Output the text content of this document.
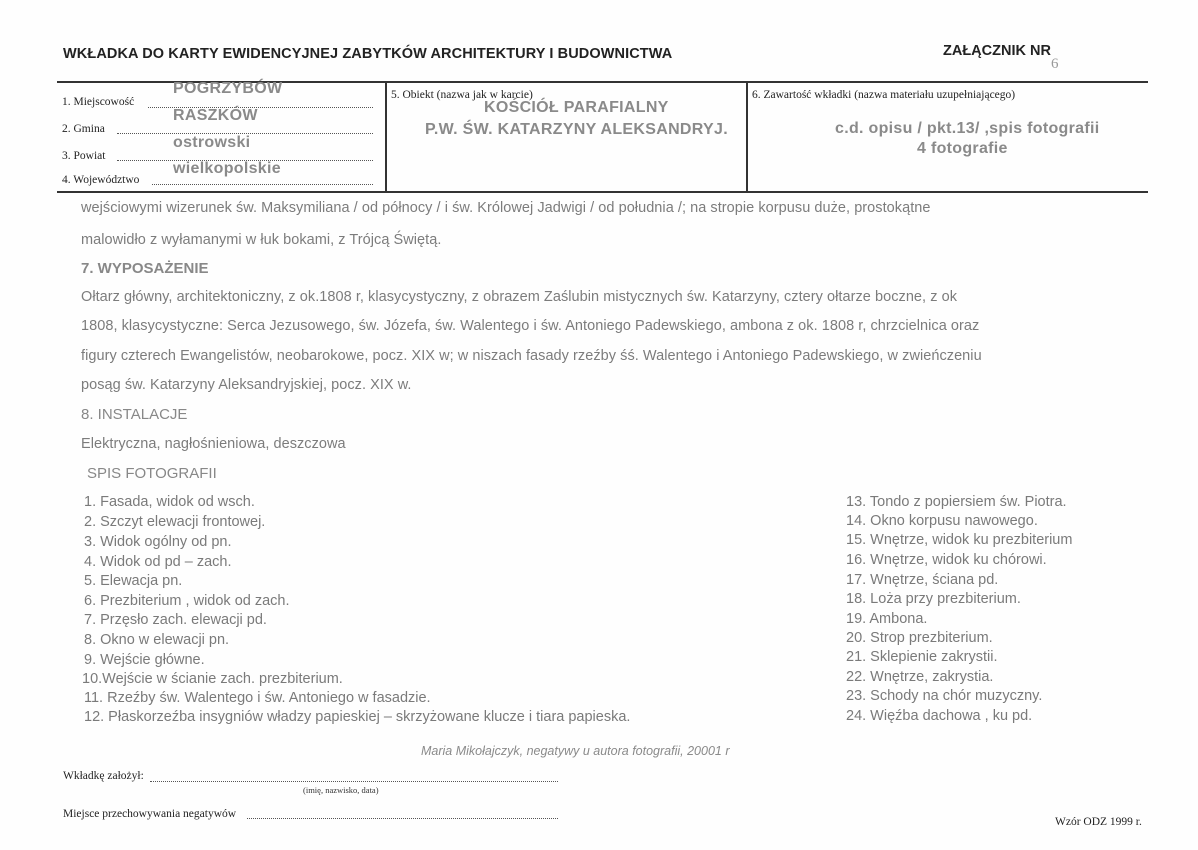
WKŁADKA DO KARTY EWIDENCYJNEJ ZABYTKÓW ARCHITEKTURY I BUDOWNICTWA	ZAŁĄCZNIK NR
6
1. Miejscowość
POGRZYBÓW
2. Gmina
RASZKÓW
3. Powiat
ostrowski
4. Województwo
wielkopolskie
5. Obiekt (nazwa jak w karcie)
KOŚCIÓŁ PARAFIALNY
P.W. ŚW. KATARZYNY ALEKSANDRYJ.
6. Zawartość wkładki (nazwa materiału uzupełniającego)
c.d. opisu / pkt.13/ ,spis fotografii
4 fotografie
wejściowymi wizerunek św. Maksymiliana / od północy / i św. Królowej Jadwigi / od południa /; na stropie korpusu duże, prostokątne
malowidło z wyłamanymi w łuk bokami, z Trójcą Świętą.
7. WYPOSAŻENIE
Ołtarz główny, architektoniczny, z ok.1808 r, klasycystyczny, z obrazem Zaślubin mistycznych św. Katarzyny, cztery ołtarze boczne, z ok
1808, klasycystyczne: Serca Jezusowego, św. Józefa, św. Walentego i św. Antoniego Padewskiego, ambona z ok. 1808 r, chrzcielnica oraz
figury czterech Ewangelistów, neobarokowe, pocz. XIX w; w niszach fasady rzeźby śś. Walentego i Antoniego Padewskiego, w zwieńczeniu
posąg św. Katarzyny Aleksandryjskiej, pocz. XIX w.
8. INSTALACJE
Elektryczna, nagłośnieniowa, deszczowa
SPIS FOTOGRAFII
1. Fasada, widok od wsch.
2. Szczyt elewacji frontowej.
3. Widok ogólny od pn.
4. Widok od pd – zach.
5. Elewacja pn.
6. Prezbiterium , widok od zach.
7. Przęsło zach. elewacji pd.
8. Okno w elewacji pn.
9. Wejście główne.
10.Wejście w ścianie zach. prezbiterium.
11. Rzeźby św. Walentego i św. Antoniego w fasadzie.
12. Płaskorzeźba insygniów władzy papieskiej – skrzyżowane klucze i tiara papieska.
13. Tondo z popiersiem św. Piotra.
14. Okno korpusu nawowego.
15. Wnętrze, widok ku prezbiterium
16. Wnętrze, widok ku chórowi.
17. Wnętrze, ściana pd.
18. Loża przy prezbiterium.
19. Ambona.
20. Strop prezbiterium.
21. Sklepienie zakrystii.
22. Wnętrze, zakrystia.
23. Schody na chór muzyczny.
24. Więźba dachowa , ku pd.
Maria Mikołajczyk, negatywy u autora fotografii, 20001 r
Wkładkę założył:
(imię, nazwisko, data)
Miejsce przechowywania negatywów
Wzór ODZ 1999 r.
